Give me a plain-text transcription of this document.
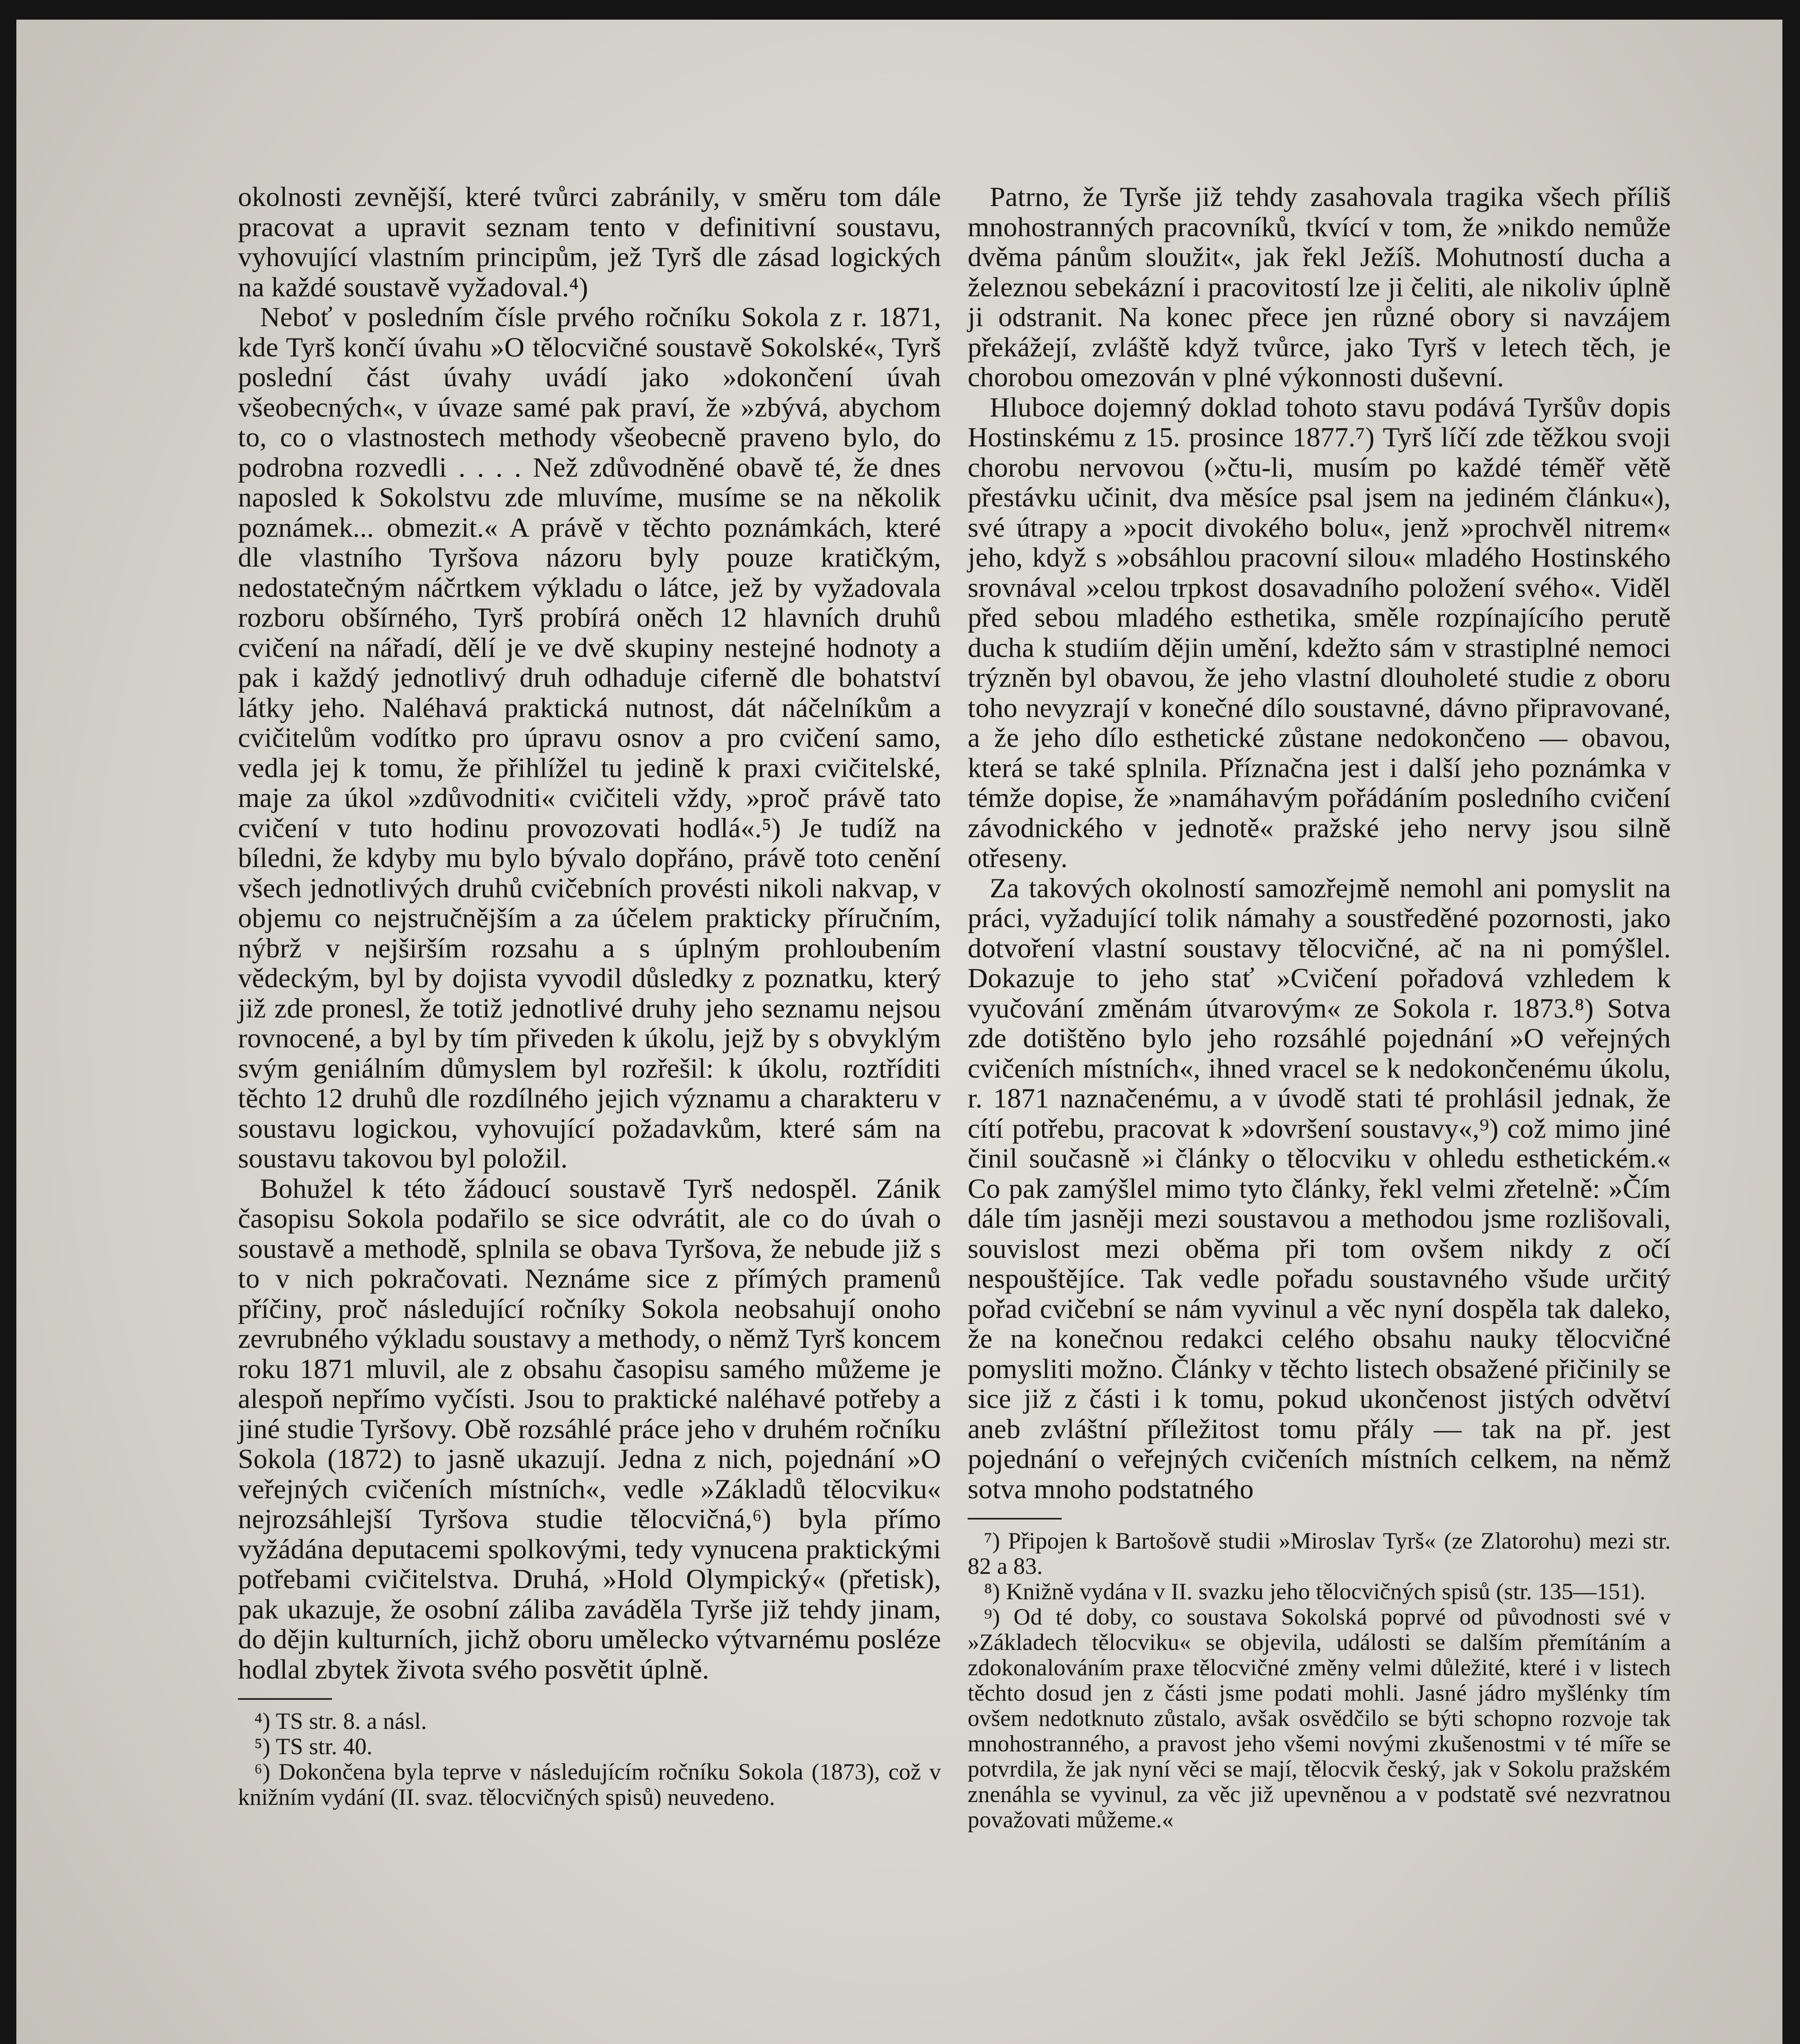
okolnosti zevnější, které tvůrci zabránily, v směru tom dále pracovat a upravit seznam tento v definitivní soustavu, vyhovující vlastním principům, jež Tyrš dle zásad logických na každé soustavě vyžadoval.⁴)

Neboť v posledním čísle prvého ročníku Sokola z r. 1871, kde Tyrš končí úvahu »O tělocvičné soustavě Sokolské«, Tyrš poslední část úvahy uvádí jako »dokončení úvah všeobecných«, v úvaze samé pak praví, že »zbývá, abychom to, co o vlastnostech methody všeobecně praveno bylo, do podrobna rozvedli . . . . Než zdůvodněné obavě té, že dnes naposled k Sokolstvu zde mluvíme, musíme se na několik poznámek... obmezit.« A právě v těchto poznámkách, které dle vlastního Tyršova názoru byly pouze kratičkým, nedostatečným náčrtkem výkladu o látce, jež by vyžadovala rozboru obšírného, Tyrš probírá oněch 12 hlavních druhů cvičení na nářadí, dělí je ve dvě skupiny nestejné hodnoty a pak i každý jednotlivý druh odhaduje ciferně dle bohatství látky jeho. Naléhavá praktická nutnost, dát náčelníkům a cvičitelům vodítko pro úpravu osnov a pro cvičení samo, vedla jej k tomu, že přihlížel tu jedině k praxi cvičitelské, maje za úkol »zdůvodniti« cvičiteli vždy, »proč právě tato cvičení v tuto hodinu provozovati hodlá«.⁵) Je tudíž na bíledni, že kdyby mu bylo bývalo dopřáno, právě toto cenění všech jednotlivých druhů cvičebních provésti nikoli nakvap, v objemu co nejstručnějším a za účelem prakticky příručním, nýbrž v nejširším rozsahu a s úplným prohloubením vědeckým, byl by dojista vyvodil důsledky z poznatku, který již zde pronesl, že totiž jednotlivé druhy jeho seznamu nejsou rovnocené, a byl by tím přiveden k úkolu, jejž by s obvyklým svým geniálním důmyslem byl rozřešil: k úkolu, roztříditi těchto 12 druhů dle rozdílného jejich významu a charakteru v soustavu logickou, vyhovující požadavkům, které sám na soustavu takovou byl položil.

Bohužel k této žádoucí soustavě Tyrš nedospěl. Zánik časopisu Sokola podařilo se sice odvrátit, ale co do úvah o soustavě a methodě, splnila se obava Tyršova, že nebude již s to v nich pokračovati. Neznáme sice z přímých pramenů příčiny, proč následující ročníky Sokola neobsahují onoho zevrubného výkladu soustavy a methody, o němž Tyrš koncem roku 1871 mluvil, ale z obsahu časopisu samého můžeme je alespoň nepřímo vyčísti. Jsou to praktické naléhavé potřeby a jiné studie Tyršovy. Obě rozsáhlé práce jeho v druhém ročníku Sokola (1872) to jasně ukazují. Jedna z nich, pojednání »O veřejných cvičeních místních«, vedle »Základů tělocviku« nejrozsáhlejší Tyršova studie tělocvičná,⁶) byla přímo vyžádána deputacemi spolkovými, tedy vynucena praktickými potřebami cvičitelstva. Druhá, »Hold Olympický« (přetisk), pak ukazuje, že osobní záliba zaváděla Tyrše již tehdy jinam, do dějin kulturních, jichž oboru umělecko výtvarnému posléze hodlal zbytek života svého posvětit úplně.

⁴) TS str. 8. a násl.

⁵) TS str. 40.

⁶) Dokončena byla teprve v následujícím ročníku Sokola (1873), což v knižním vydání (II. svaz. tělocvičných spisů) neuvedeno.

Patrno, že Tyrše již tehdy zasahovala tragika všech příliš mnohostranných pracovníků, tkvící v tom, že »nikdo nemůže dvěma pánům sloužit«, jak řekl Ježíš. Mohutností ducha a železnou sebekázní i pracovitostí lze ji čeliti, ale nikoliv úplně ji odstranit. Na konec přece jen různé obory si navzájem překážejí, zvláště když tvůrce, jako Tyrš v letech těch, je chorobou omezován v plné výkonnosti duševní.

Hluboce dojemný doklad tohoto stavu podává Tyršův dopis Hostinskému z 15. prosince 1877.⁷) Tyrš líčí zde těžkou svoji chorobu nervovou (»čtu-li, musím po každé téměř větě přestávku učinit, dva měsíce psal jsem na jediném článku«), své útrapy a »pocit divokého bolu«, jenž »prochvěl nitrem« jeho, když s »obsáhlou pracovní silou« mladého Hostinského srovnával »celou trpkost dosavadního položení svého«. Viděl před sebou mladého esthetika, směle rozpínajícího perutě ducha k studiím dějin umění, kdežto sám v strastiplné nemoci trýzněn byl obavou, že jeho vlastní dlouholeté studie z oboru toho nevyzrají v konečné dílo soustavné, dávno připravované, a že jeho dílo esthetické zůstane nedokončeno — obavou, která se také splnila. Příznačna jest i další jeho poznámka v témže dopise, že »namáhavým pořádáním posledního cvičení závodnického v jednotě« pražské jeho nervy jsou silně otřeseny.

Za takových okolností samozřejmě nemohl ani pomyslit na práci, vyžadující tolik námahy a soustředěné pozornosti, jako dotvoření vlastní soustavy tělocvičné, ač na ni pomýšlel. Dokazuje to jeho stať »Cvičení pořadová vzhledem k vyučování změnám útvarovým« ze Sokola r. 1873.⁸) Sotva zde dotištěno bylo jeho rozsáhlé pojednání »O veřejných cvičeních místních«, ihned vracel se k nedokončenému úkolu, r. 1871 naznačenému, a v úvodě stati té prohlásil jednak, že cítí potřebu, pracovat k »dovršení soustavy«,⁹) což mimo jiné činil současně »i články o tělocviku v ohledu esthetickém.« Co pak zamýšlel mimo tyto články, řekl velmi zřetelně: »Čím dále tím jasněji mezi soustavou a methodou jsme rozlišovali, souvislost mezi oběma při tom ovšem nikdy z očí nespouštějíce. Tak vedle pořadu soustavného všude určitý pořad cvičební se nám vyvinul a věc nyní dospěla tak daleko, že na konečnou redakci celého obsahu nauky tělocvičné pomysliti možno. Články v těchto listech obsažené přičinily se sice již z části i k tomu, pokud ukončenost jistých odvětví aneb zvláštní příležitost tomu přály — tak na př. jest pojednání o veřejných cvičeních místních celkem, na němž sotva mnoho podstatného

⁷) Připojen k Bartošově studii »Miroslav Tyrš« (ze Zlatorohu) mezi str. 82 a 83.

⁸) Knižně vydána v II. svazku jeho tělocvičných spisů (str. 135—151).

⁹) Od té doby, co soustava Sokolská poprvé od původnosti své v »Základech tělocviku« se objevila, události se dalším přemítáním a zdokonalováním praxe tělocvičné změny velmi důležité, které i v listech těchto dosud jen z části jsme podati mohli. Jasné jádro myšlénky tím ovšem nedotknuto zůstalo, avšak osvědčilo se býti schopno rozvoje tak mnohostranného, a pravost jeho všemi novými zkušenostmi v té míře se potvrdila, že jak nyní věci se mají, tělocvik český, jak v Sokolu pražském znenáhla se vyvinul, za věc již upevněnou a v podstatě své nezvratnou považovati můžeme.«
